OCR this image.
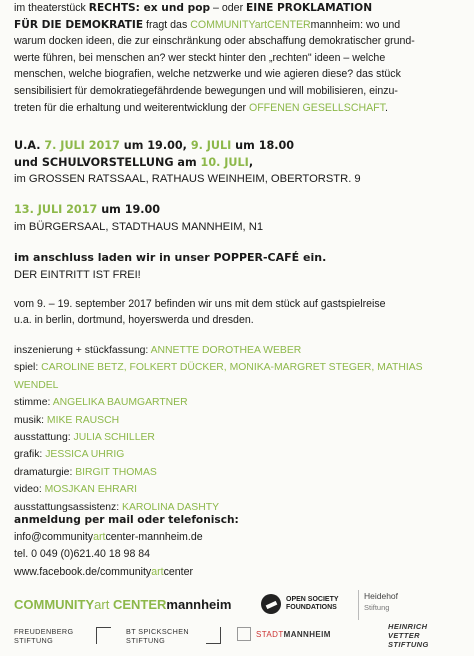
im theaterstück RECHTS: ex und pop – oder EINE PROKLAMATION
FÜR DIE DEMOKRATIE fragt das COMMUNITYartCENTERmannheim: wo und
warum docken ideen, die zur einschränkung oder abschaffung demokratischer grund-
werte führen, bei menschen an? wer steckt hinter den „rechten" ideen – welche
menschen, welche biografien, welche netzwerke und wie agieren diese? das stück
sensibilisiert für demokratiegefährdende bewegungen und will mobilisieren, einzu-
treten für die erhaltung und weiterentwicklung der OFFENEN GESELLSCHAFT.
U.A. 7. JULI 2017 um 19.00, 9. JULI um 18.00
und SCHULVORSTELLUNG am 10. JULI,
im GROSSEN RATSSAAL, RATHAUS WEINHEIM, OBERTORSTR. 9
13. JULI 2017 um 19.00
im BÜRGERSAAL, STADTHAUS MANNHEIM, N1
im anschluss laden wir in unser POPPER-CAFÉ ein.
DER EINTRITT IST FREI!
vom 9. – 19. september 2017 befinden wir uns mit dem stück auf gastspielreise
u.a. in berlin, dortmund, hoyerswerda und dresden.
inszenierung + stückfassung: ANNETTE DOROTHEA WEBER
spiel: CAROLINE BETZ, FOLKERT DÜCKER, MONIKA-MARGRET STEGER, MATHIAS WENDEL
stimme: ANGELIKA BAUMGARTNER
musik: MIKE RAUSCH
ausstattung: JULIA SCHILLER
grafik: JESSICA UHRIG
dramaturgie: BIRGIT THOMAS
video: MOSJKAN EHRARI
ausstattungsassistenz: KAROLINA DASHTY
anmeldung per mail oder telefonisch:
info@communityartcenter-mannheim.de
tel. 0 049 (0)621.40 18 98 84
www.facebook.de/communityartcenter
COMMUNITYart CENTERmannheim	OPEN SOCIETY
FOUNDATIONS
Heidehof
Stiftung
FREUDENBERG
STIFTUNG
BT SPICKSCHEN
STIFTUNG
STADTMANNHEIM
HEINRICH
VETTER
STIFTUNG
